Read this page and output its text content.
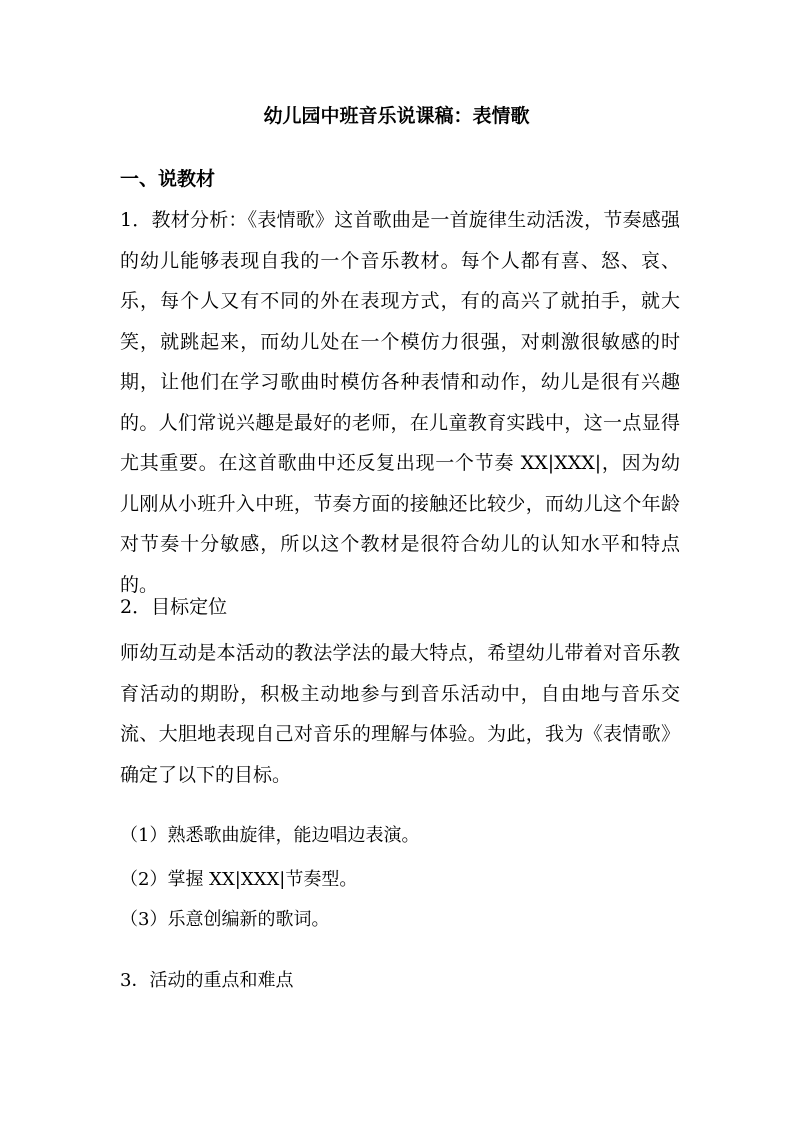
幼儿园中班音乐说课稿：表情歌
一、说教材
1．教材分析：《表情歌》这首歌曲是一首旋律生动活泼，节奏感强的幼儿能够表现自我的一个音乐教材。每个人都有喜、怒、哀、乐，每个人又有不同的外在表现方式，有的高兴了就拍手，就大笑，就跳起来，而幼儿处在一个模仿力很强，对刺激很敏感的时期，让他们在学习歌曲时模仿各种表情和动作，幼儿是很有兴趣的。人们常说兴趣是最好的老师，在儿童教育实践中，这一点显得尤其重要。在这首歌曲中还反复出现一个节奏 XX|XXX|，因为幼儿刚从小班升入中班，节奏方面的接触还比较少，而幼儿这个年龄对节奏十分敏感，所以这个教材是很符合幼儿的认知水平和特点的。
2．目标定位
师幼互动是本活动的教法学法的最大特点，希望幼儿带着对音乐教育活动的期盼，积极主动地参与到音乐活动中，自由地与音乐交流、大胆地表现自己对音乐的理解与体验。为此，我为《表情歌》确定了以下的目标。
（1）熟悉歌曲旋律，能边唱边表演。
（2）掌握 XX|XXX|节奏型。
（3）乐意创编新的歌词。
3．活动的重点和难点
